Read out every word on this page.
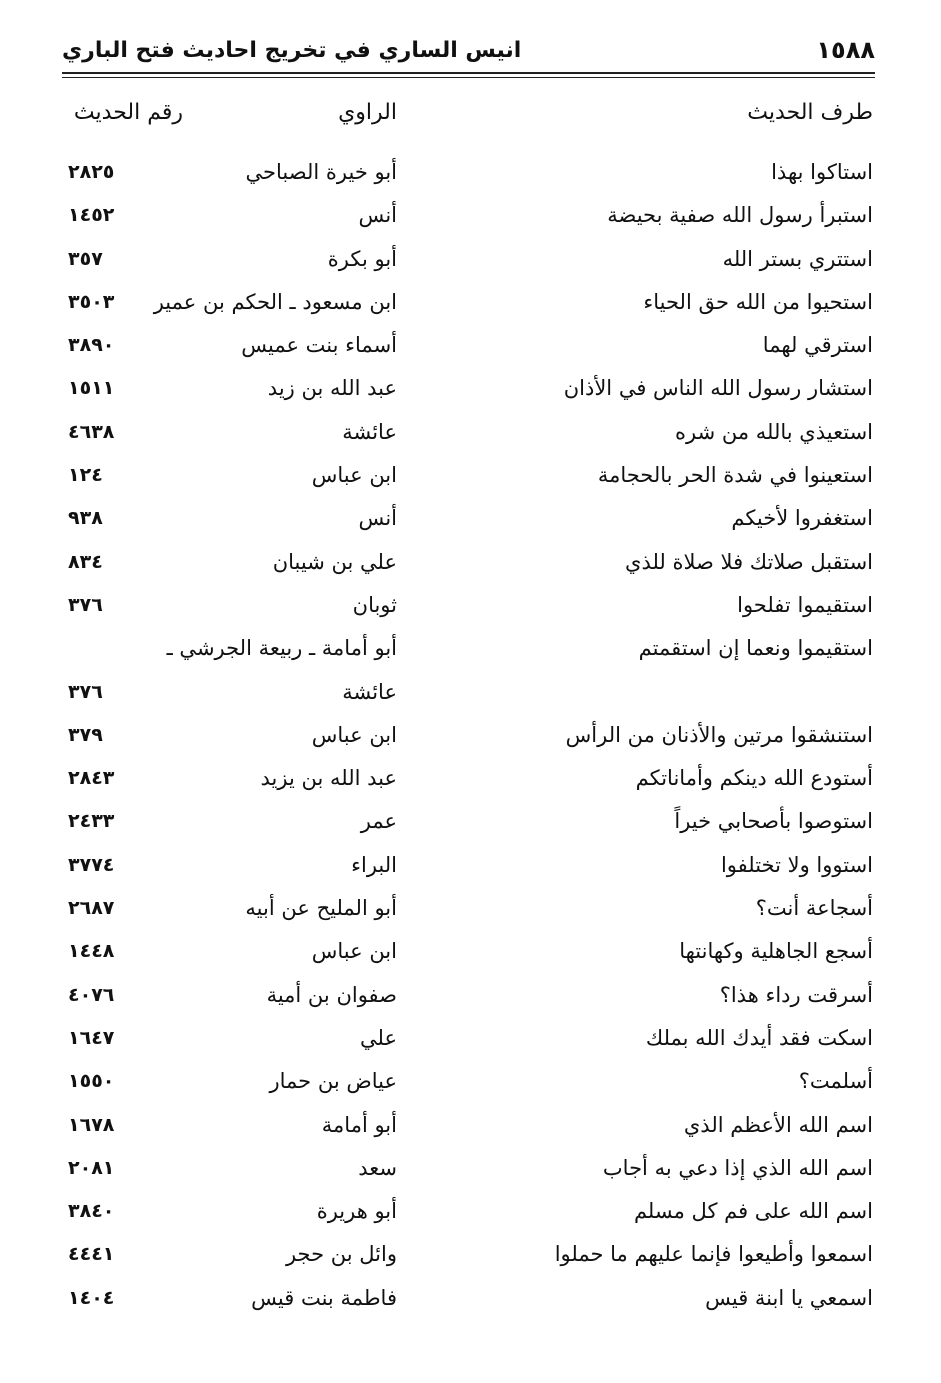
انيس الساري في تخريج احاديث فتح الباري	١٥٨٨
طرف الحديث
الراوي
رقم الحديث
استاكوا بهذا
أبو خيرة الصباحي
٢٨٢٥
استبرأ رسول الله صفية بحيضة
أنس
١٤٥٢
استتري بستر الله
أبو بكرة
٣٥٧
استحيوا من الله حق الحياء
ابن مسعود ـ الحكم بن عمير
٣٥٠٣
استرقي لهما
أسماء بنت عميس
٣٨٩٠
استشار رسول الله الناس في الأذان
عبد الله بن زيد
١٥١١
استعيذي بالله من شره
عائشة
٤٦٣٨
استعينوا في شدة الحر بالحجامة
ابن عباس
١٢٤
استغفروا لأخيكم
أنس
٩٣٨
استقبل صلاتك فلا صلاة للذي
علي بن شيبان
٨٣٤
استقيموا تفلحوا
ثوبان
٣٧٦
استقيموا ونعما إن استقمتم
أبو أمامة ـ ربيعة الجرشي ـ
عائشة
٣٧٦
استنشقوا مرتين والأذنان من الرأس
ابن عباس
٣٧٩
أستودع الله دينكم وأماناتكم
عبد الله بن يزيد
٢٨٤٣
استوصوا بأصحابي خيراً
عمر
٢٤٣٣
استووا ولا تختلفوا
البراء
٣٧٧٤
أسجاعة أنت؟
أبو المليح عن أبيه
٢٦٨٧
أسجع الجاهلية وكهانتها
ابن عباس
١٤٤٨
أسرقت رداء هذا؟
صفوان بن أمية
٤٠٧٦
اسكت فقد أيدك الله بملك
علي
١٦٤٧
أسلمت؟
عياض بن حمار
١٥٥٠
اسم الله الأعظم الذي
أبو أمامة
١٦٧٨
اسم الله الذي إذا دعي به أجاب
سعد
٢٠٨١
اسم الله على فم كل مسلم
أبو هريرة
٣٨٤٠
اسمعوا وأطيعوا فإنما عليهم ما حملوا
وائل بن حجر
٤٤٤١
اسمعي يا ابنة قيس
فاطمة بنت قيس
١٤٠٤
